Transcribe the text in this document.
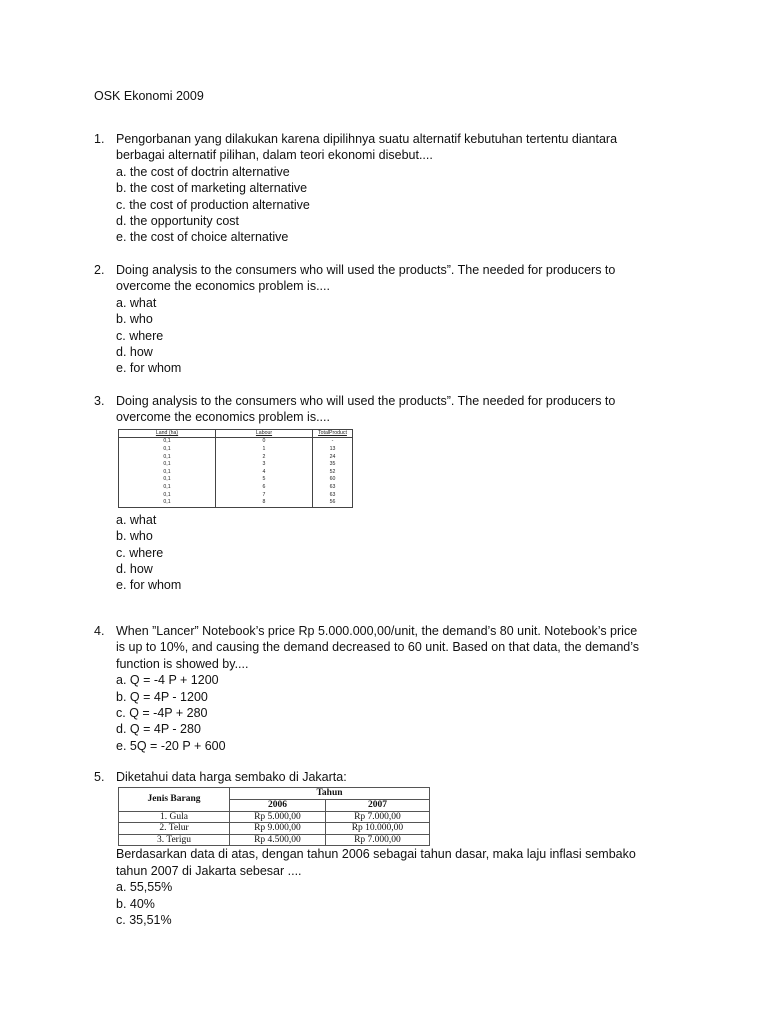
OSK Ekonomi 2009
1. Pengorbanan yang dilakukan karena dipilihnya suatu alternatif kebutuhan tertentu diantara
berbagai alternatif pilihan, dalam teori ekonomi disebut....
a. the cost of doctrin alternative
b. the cost of marketing alternative
c. the cost of production alternative
d. the opportunity cost
e. the cost of choice alternative
2. Doing analysis to the consumers who will used the products”. The needed for producers to
overcome the economics problem is....
a. what
b. who
c. where
d. how
e. for whom
3. Doing analysis to the consumers who will used the products”. The needed for producers to
overcome the economics problem is....
Land (ha)	Labour	TotalProduct
0,1	0	-
0,1	1	13
0,1	2	24
0,1	3	35
0,1	4	52
0,1	5	60
0,1	6	63
0,1	7	63
0,1	8	56
a. what
b. who
c. where
d. how
e. for whom
4. When ”Lancer” Notebook’s price Rp 5.000.000,00/unit, the demand’s 80 unit. Notebook’s price
is up to 10%, and causing the demand decreased to 60 unit. Based on that data, the demand’s
function is showed by....
a. Q = -4 P + 1200
b. Q = 4P - 1200
c. Q = -4P + 280
d. Q = 4P - 280
e. 5Q = -20 P + 600
5. Diketahui data harga sembako di Jakarta:
Jenis Barang	Tahun	
	2006	2007
1. Gula	Rp 5.000,00	Rp 7.000,00
2. Telur	Rp 9.000,00	Rp 10.000,00
3. Terigu	Rp 4.500,00	Rp 7.000,00
Berdasarkan data di atas, dengan tahun 2006 sebagai tahun dasar, maka laju inflasi sembako
tahun 2007 di Jakarta sebesar ....
a. 55,55%
b. 40%
c. 35,51%
